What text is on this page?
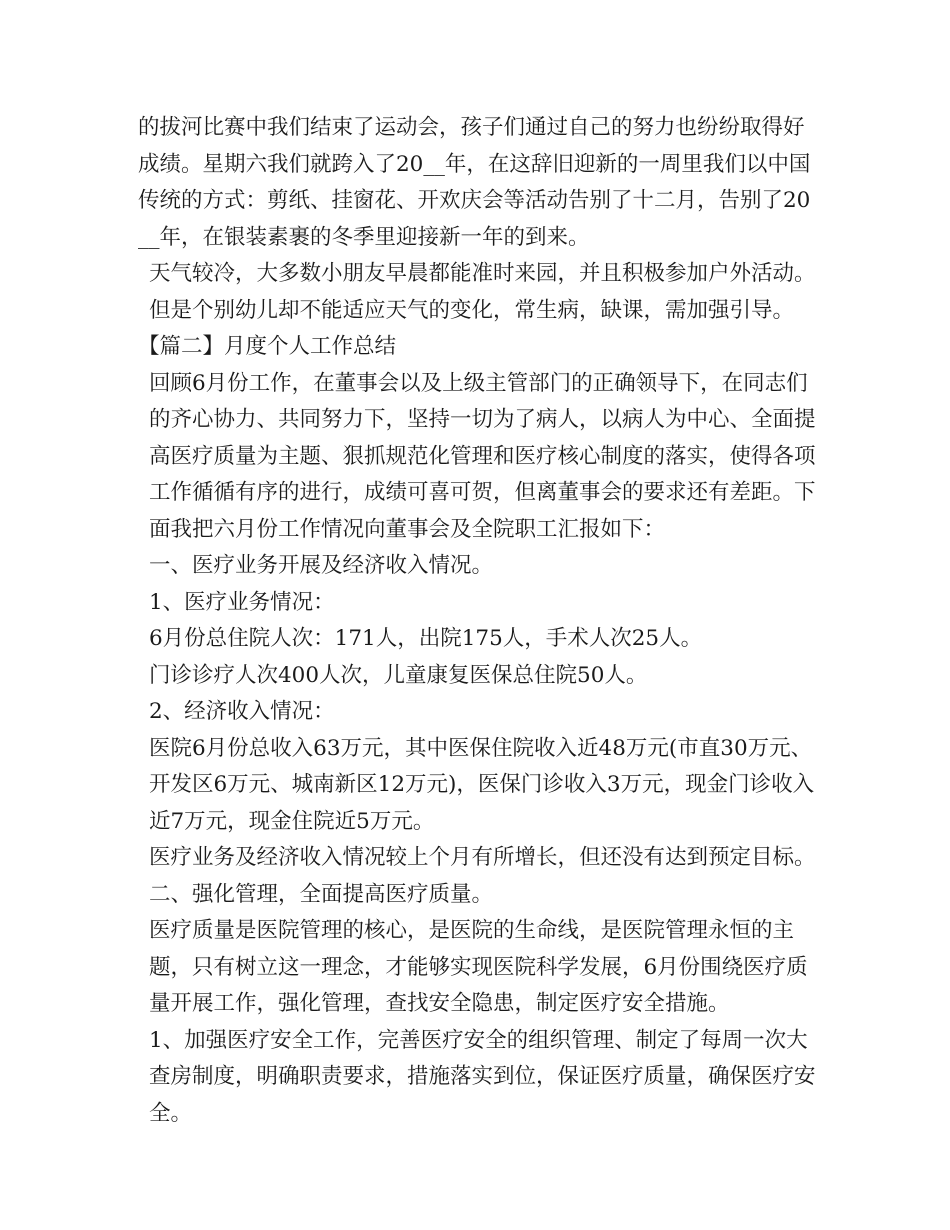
的拔河比赛中我们结束了运动会，孩子们通过自己的努力也纷纷取得好成绩。星期六我们就跨入了20__年，在这辞旧迎新的一周里我们以中国传统的方式：剪纸、挂窗花、开欢庆会等活动告别了十二月，告别了20__年，在银装素裹的冬季里迎接新一年的到来。

天气较冷，大多数小朋友早晨都能准时来园，并且积极参加户外活动。但是个别幼儿却不能适应天气的变化，常生病，缺课，需加强引导。

【篇二】月度个人工作总结

回顾6月份工作，在董事会以及上级主管部门的正确领导下，在同志们的齐心协力、共同努力下，坚持一切为了病人，以病人为中心、全面提高医疗质量为主题、狠抓规范化管理和医疗核心制度的落实，使得各项工作循循有序的进行，成绩可喜可贺，但离董事会的要求还有差距。下面我把六月份工作情况向董事会及全院职工汇报如下：

一、医疗业务开展及经济收入情况。

1、医疗业务情况：

6月份总住院人次：171人，出院175人，手术人次25人。

门诊诊疗人次400人次，儿童康复医保总住院50人。

2、经济收入情况：

医院6月份总收入63万元，其中医保住院收入近48万元(市直30万元、开发区6万元、城南新区12万元)，医保门诊收入3万元，现金门诊收入近7万元，现金住院近5万元。

医疗业务及经济收入情况较上个月有所增长，但还没有达到预定目标。

二、强化管理，全面提高医疗质量。

医疗质量是医院管理的核心，是医院的生命线，是医院管理永恒的主题，只有树立这一理念，才能够实现医院科学发展，6月份围绕医疗质量开展工作，强化管理，查找安全隐患，制定医疗安全措施。

1、加强医疗安全工作，完善医疗安全的组织管理、制定了每周一次大查房制度，明确职责要求，措施落实到位，保证医疗质量，确保医疗安全。
